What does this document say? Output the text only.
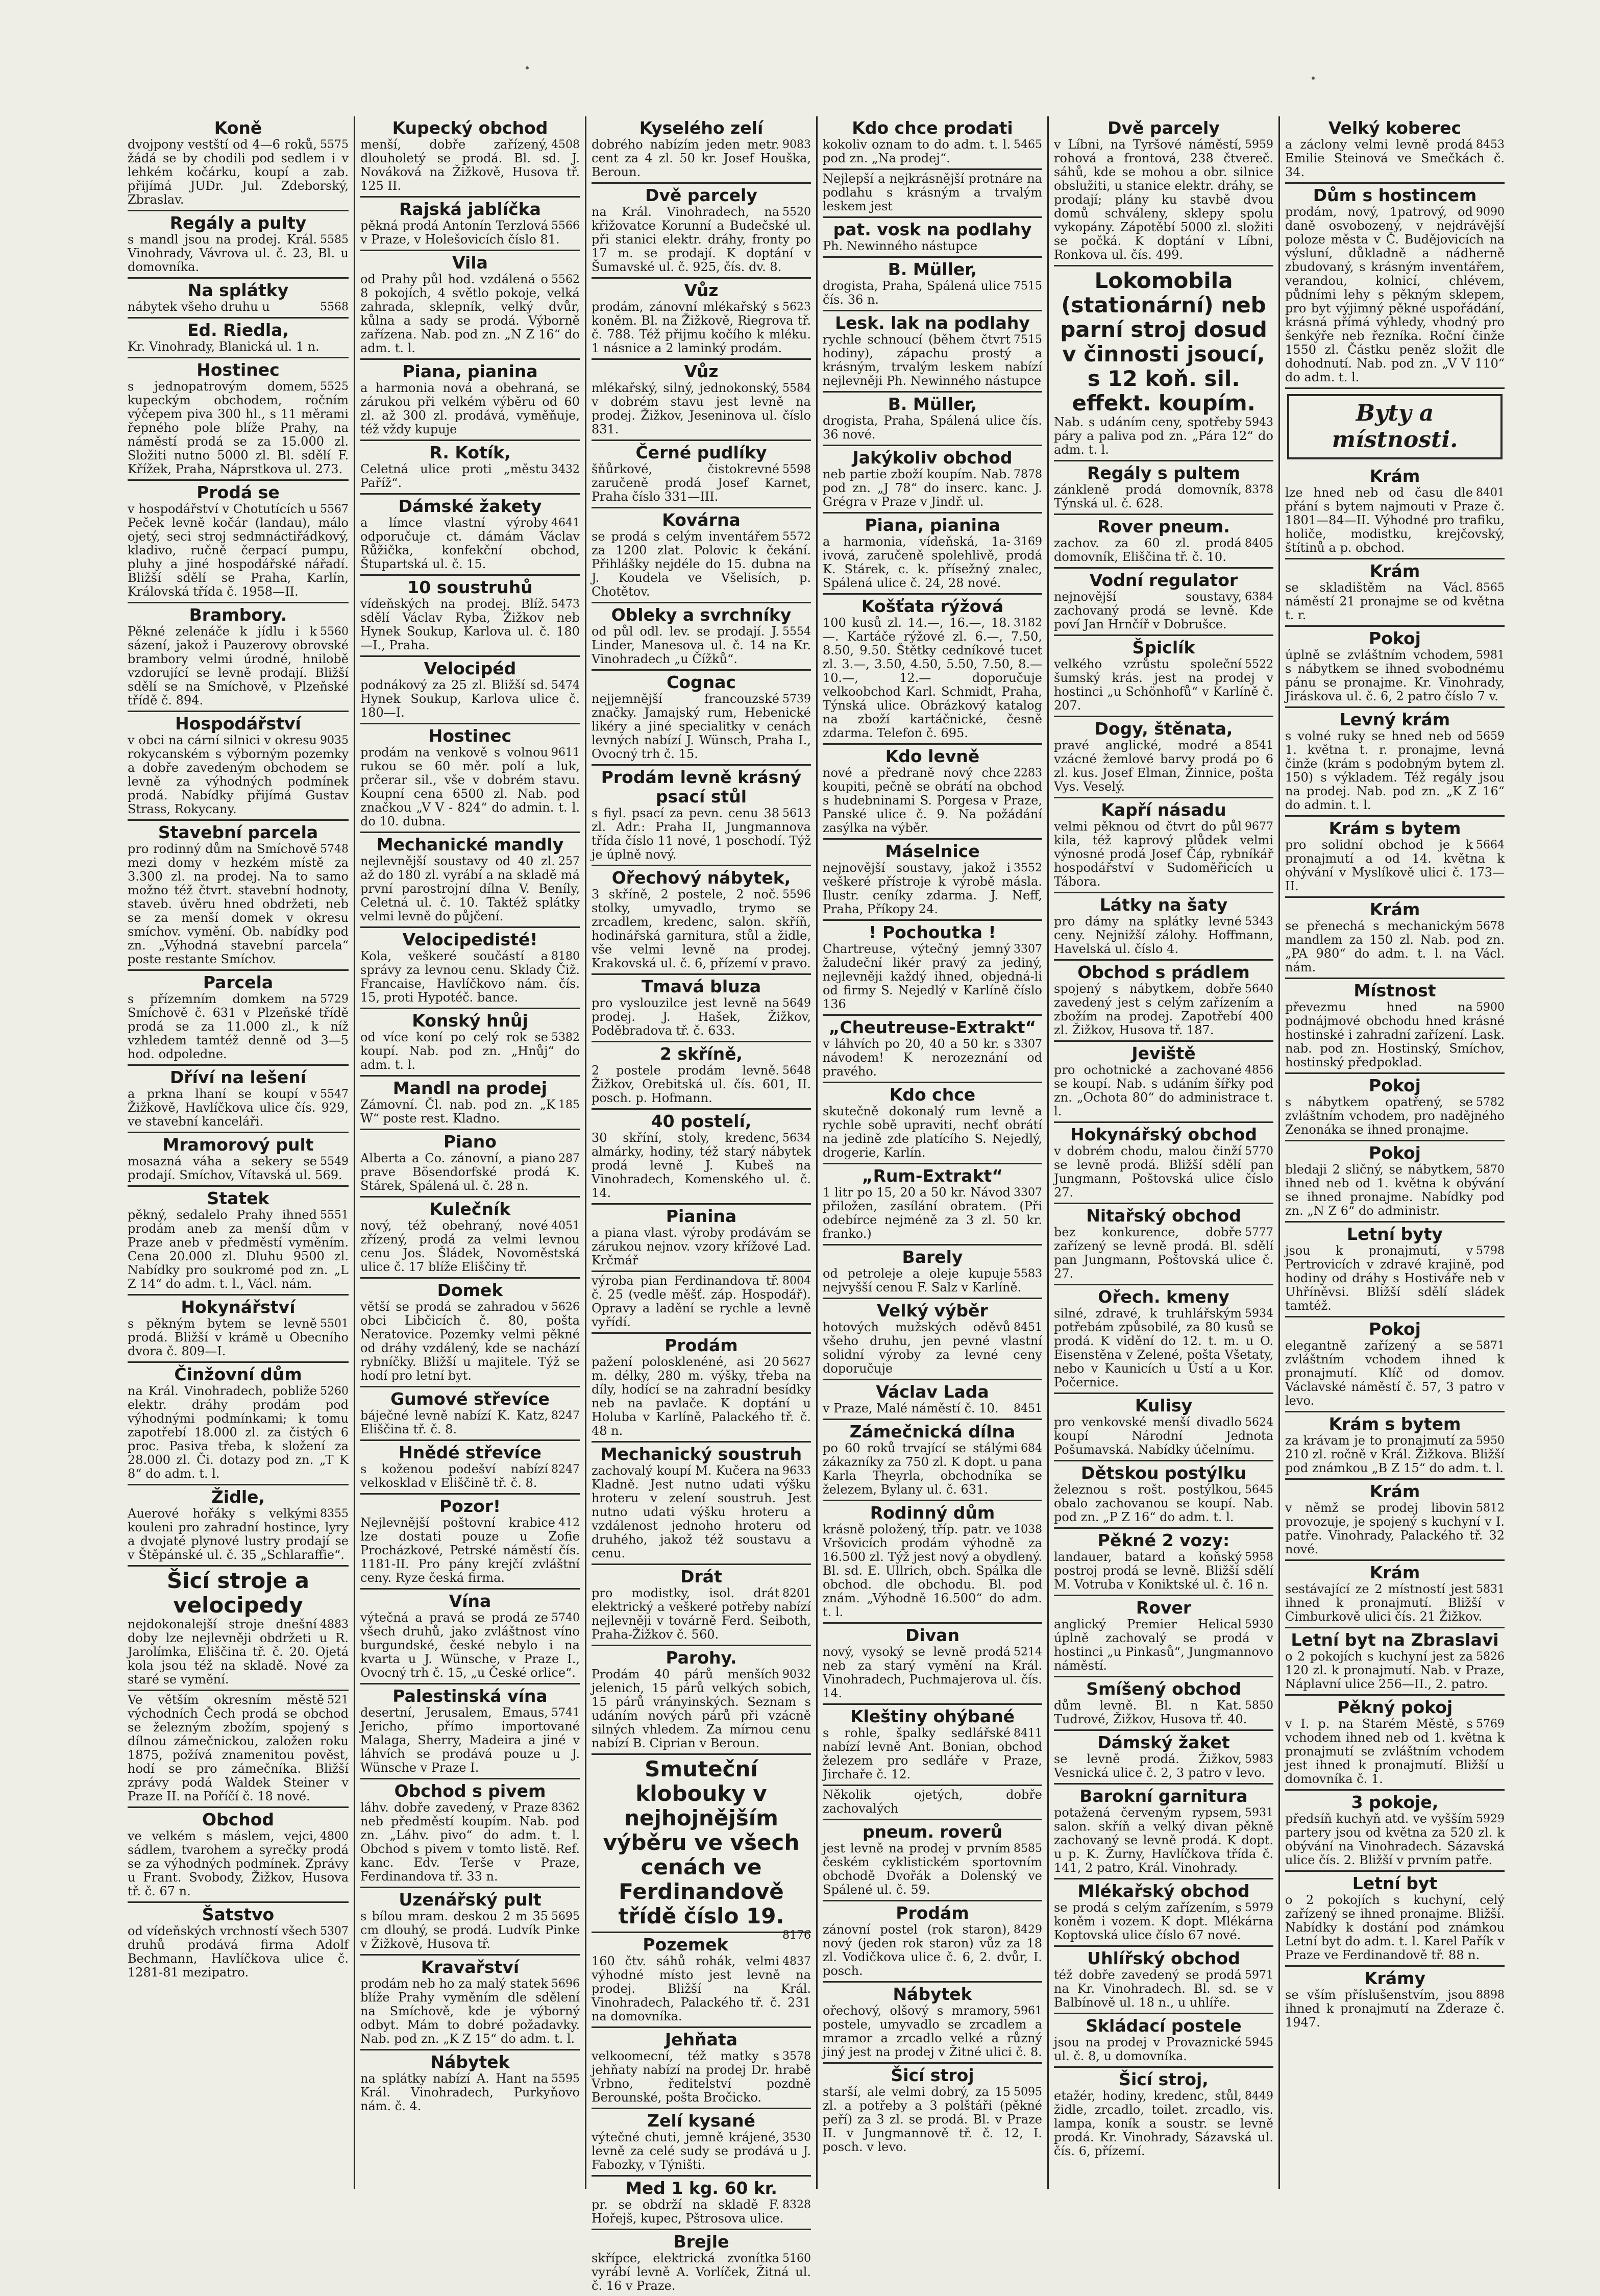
Koně
5575
dvojpony vestští od 4—6 roků, žádá se by chodili pod sedlem i v lehkém kočárku, koupí a zab. přijímá JUDr. Jul. Zdeborský, Zbraslav.
Regály a pulty
5585
s mandl jsou na prodej. Král. Vinohrady, Vávrova ul. č. 23, Bl. u domovníka.
Na splátky
5568
nábytek všeho druhu u
Ed. Riedla,
Kr. Vinohrady, Blanická ul. 1 n.
Hostinec
5525
s jednopatrovým domem, kupeckým obchodem, ročním výčepem piva 300 hl., s 11 měrami řepného pole blíže Prahy, na náměstí prodá se za 15.000 zl. Složiti nutno 5000 zl. Bl. sdělí F. Křížek, Praha, Náprstkova ul. 273.
Prodá se
5567
v hospodářství v Chotutících u Peček levně kočár (landau), málo ojetý, seci stroj sedmnáctiřádkový, kladivo, ručně čerpací pumpu, pluhy a jiné hospodářské nářadí. Bližší sdělí se Praha, Karlín, Královská třída č. 1958—II.
Brambory.
5560
Pěkné zelenáče k jídlu i k sázení, jakož i Pauzerovy obrovské brambory velmi úrodné, hnilobě vzdorující se levně prodají. Bližší sdělí se na Smíchově, v Plzeňské třídě č. 894.
Hospodářství
9035
v obci na cární silnici v okresu rokycanském s výborným pozemky a dobře zavedeným obchodem se levně za výhodných podmínek prodá. Nabídky přijímá Gustav Strass, Rokycany.
Stavební parcela
5748
pro rodinný dům na Smíchově mezi domy v hezkém místě za 3.300 zl. na prodej. Na to samo možno též čtvrt. stavební hodnoty, staveb. úvěru hned obdržeti, neb se za menší domek v okresu smíchov. vymění. Ob. nabídky pod zn. „Výhodná stavební parcela“ poste restante Smíchov.
Parcela
5729
s přízemním domkem na Smíchově č. 631 v Plzeňské třídě prodá se za 11.000 zl., k níž vzhledem tamtéž denně od 3—5 hod. odpoledne.
Dříví na lešení
5547
a prkna lhaní se koupí v Žižkově, Havlíčkova ulice čís. 929, ve stavební kanceláři.
Mramorový pult
5549
mosazná váha a sekery se prodají. Smíchov, Vítavská ul. 569.
Statek
5551
pěkný, sedalelo Prahy ihned prodám aneb za menší dům v Praze aneb v předměstí vyměním. Cena 20.000 zl. Dluhu 9500 zl. Nabídky pro soukromé pod zn. „L Z 14“ do adm. t. l., Václ. nám.
Hokynářství
5501
s pěkným bytem se levně prodá. Bližší v krámě u Obecního dvora č. 809—I.
Činžovní dům
5260
na Král. Vinohradech, pobliže elektr. dráhy prodám pod výhodnými podmínkami; k tomu zapotřebí 18.000 zl. za čistých 6 proc. Pasiva třeba, k složení za 28.000 zl. Či. dotazy pod zn. „T K 8“ do adm. t. l.
Židle,
8355
Auerové hořáky s velkými kouleni pro zahradní hostince, lyry a dvojaté plynové lustry prodají se v Štěpánské ul. č. 35 „Schlaraffie“.
Šicí stroje a velocipedy
4883
nejdokonalejší stroje dnešní doby lze nejlevněji obdržeti u R. Jarolímka, Eliščina tř. č. 20. Ojetá kola jsou též na skladě. Nové za staré se vymění.
521
Ve větším okresním městě východních Čech prodá se obchod se železným zbožím, spojený s dílnou zámečnickou, založen roku 1875, požívá znamenitou pověst, hodí se pro zámečníka. Bližší zprávy podá Waldek Steiner v Praze II. na Poříčí č. 18 nové.
Obchod
4800
ve velkém s máslem, vejci, sádlem, tvarohem a syrečky prodá se za výhodných podmínek. Zprávy u Frant. Svobody, Žižkov, Husova tř. č. 67 n.
Šatstvo
5307
od vídeňských vrchností všech druhů prodává firma Adolf Bechmann, Havlíčkova ulice č. 1281-81 mezipatro.
Kupecký obchod
4508
menší, dobře zařízený, dlouholetý se prodá. Bl. sd. J. Nováková na Žižkově, Husova tř. 125 II.
Rajská jablíčka
5566
pěkná prodá Antonín Terzlová v Praze, v Holešovicích číslo 81.
Vila
5562
od Prahy půl hod. vzdálená o 8 pokojích, 4 světlo pokoje, velká zahrada, sklepník, velký dvůr, kůlna a sady se prodá. Výborně zařízena. Nab. pod zn. „N Z 16“ do adm. t. l.
Piana, pianina
a harmonia nová a obehraná, se zárukou při velkém výběru od 60 zl. až 300 zl. prodává, vyměňuje, též vždy kupuje
R. Kotík,
3432
Celetná ulice proti „městu Paříž“.
Dámské žakety
4641
a límce vlastní výroby odporučuje ct. dámám Václav Růžička, konfekční obchod, Štupartská ul. č. 15.
10 soustruhů
5473
vídeňských na prodej. Blíž. sdělí Václav Ryba, Žižkov neb Hynek Soukup, Karlova ul. č. 180—I., Praha.
Velocipéd
5474
podnákový za 25 zl. Bližší sd. Hynek Soukup, Karlova ulice č. 180—I.
Hostinec
9611
prodám na venkově s volnou rukou se 60 měr. polí a luk, prčerar sil., vše v dobrém stavu. Koupní cena 6500 zl. Nab. pod značkou „V V - 824“ do admin. t. l. do 10. dubna.
Mechanické mandly
257
nejlevnější soustavy od 40 zl. až do 180 zl. vyrábí a na skladě má první parostrojní dílna V. Beníly, Celetná ul. č. 10. Taktéž splátky velmi levně do půjčení.
Velocipedisté!
8180
Kola, veškeré součástí a správy za levnou cenu. Sklady Čiž. Francaise, Havlíčkovo nám. čís. 15, proti Hypotéč. bance.
Konský hnůj
5382
od více koní po celý rok se koupí. Nab. pod zn. „Hnůj“ do adm. t. l.
Mandl na prodej
185
Zámovní. Čl. nab. pod zn. „K W“ poste rest. Kladno.
Piano
287
Alberta a Co. zánovní, a piano prave Bösendorfské prodá K. Stárek, Spálená ul. č. 28 n.
Kulečník
4051
nový, též obehraný, nové zřízený, prodá za velmi levnou cenu Jos. Šládek, Novoměstská ulice č. 17 blíže Eliščiny tř.
Domek
5626
větší se prodá se zahradou v obci Libčicích č. 80, pošta Neratovice. Pozemky velmi pěkné od dráhy vzdálený, kde se nachází rybníčky. Bližší u majitele. Týž se hodí pro letní byt.
Gumové střevíce
8247
báječné levně nabízí K. Katz, Eliščina tř. č. 8.
Hnědé střevíce
8247
s koženou podešví nabízí velkosklad v Eliščině tř. č. 8.
Pozor!
412
Nejlevnější poštovní krabice lze dostati pouze u Zofie Procházkové, Petrské náměstí čís. 1181-II. Pro pány krejčí zvláštní ceny. Ryze česká firma.
Vína
5740
výtečná a pravá se prodá ze všech druhů, jako zvláštnost víno burgundské, české nebylo i na kvarta u J. Wünsche, v Praze I., Ovocný trh č. 15, „u České orlice“.
Palestinská vína
5741
desertní, Jerusalem, Emaus, Jericho, přímo importované Malaga, Sherry, Madeira a jiné v láhvích se prodává pouze u J. Wünsche v Praze I.
Obchod s pivem
8362
láhv. dobře zavedený, v Praze neb předměstí koupím. Nab. pod zn. „Láhv. pivo“ do adm. t. l. Obchod s pivem v tomto listě. Ref. kanc. Edv. Terše v Praze, Ferdinandova tř. 33 n.
Uzenářský pult
5695
s bílou mram. deskou 2 m 35 cm dlouhý, se prodá. Ludvík Pinke v Žižkově, Husova tř.
Kravařství
5696
prodám neb ho za malý statek blíže Prahy vyměním dle sdělení na Smíchově, kde je výborný odbyt. Mám to dobré požadavky. Nab. pod zn. „K Z 15“ do adm. t. l.
Nábytek
5595
na splátky nabízí A. Hant na Král. Vinohradech, Purkyňovo nám. č. 4.
Kyselého zelí
9083
dobrého nabízím jeden metr. cent za 4 zl. 50 kr. Josef Houška, Beroun.
Dvě parcely
5520
na Král. Vinohradech, na křižovatce Korunní a Budečské ul. při stanici elektr. dráhy, fronty po 17 m. se prodají. K doptání v Šumavské ul. č. 925, čís. dv. 8.
Vůz
5623
prodám, zánovní mlékařský s koněm. Bl. na Žižkově, Riegrova tř. č. 788. Též přijmu kočího k mléku. 1 násnice a 2 laminký prodám.
Vůz
5584
mlékařský, silný, jednokonský, v dobrém stavu jest levně na prodej. Žižkov, Jeseninova ul. číslo 831.
Černé pudlíky
5598
šňůrkové, čistokrevné zaručeně prodá Josef Karnet, Praha číslo 331—III.
Kovárna
5572
se prodá s celým inventářem za 1200 zlat. Polovic k čekání. Přihlášky nejdéle do 15. dubna na J. Koudela ve Všelisích, p. Chotětov.
Obleky a svrchníky
5554
od půl odl. lev. se prodají. J. Linder, Manesova ul. č. 14 na Kr. Vinohradech „u Čížků“.
Cognac
5739
nejjemnější francouzské značky. Jamajský rum, Hebenické likéry a jiné specialitky v cenách levných nabízí J. Wünsch, Praha I., Ovocný trh č. 15.
Prodám levně krásný psací stůl
5613
s fiyl. psací za pevn. cenu 38 zl. Adr.: Praha II, Jungmannova třída číslo 11 nové, 1 poschodí. Týž je úplně nový.
Ořechový nábytek,
5596
3 skříně, 2 postele, 2 noč. stolky, umyvadlo, trymo se zrcadlem, kredenc, salon. skříň, hodinářská garnitura, stůl a židle, vše velmi levně na prodej. Krakovská ul. č. 6, přízemí v pravo.
Tmavá bluza
5649
pro vyslouzilce jest levně na prodej. J. Hašek, Žižkov, Poděbradova tř. č. 633.
2 skříně,
5648
2 postele prodám levně. Žižkov, Orebitská ul. čís. 601, II. posch. p. Hofmann.
40 postelí,
5634
30 skříní, stoly, kredenc, almárky, hodiny, též starý nábytek prodá levně J. Kubeš na Vinohradech, Komenského ul. č. 14.
Pianina
a piana vlast. výroby prodávám se zárukou nejnov. vzory křížové Lad. Krčmář
8004
výroba pian Ferdinandova tř. č. 25 (vedle měšť. záp. Hospodář). Opravy a ladění se rychle a levně vyřídí.
Prodám
5627
pažení polosklenéné, asi 20 m. délky, 280 m. výšky, třeba na díly, hodící se na zahradní besídky neb na pavlače. K doptání u Holuba v Karlíně, Palackého tř. č. 48 n.
Mechanický soustruh
9633
zachovalý koupí M. Kučera na Kladně. Jest nutno udati výšku hroteru v zelení soustruh. Jest nutno udati výšku hroteru a vzdálenost jednoho hroteru od druhého, jakož též soustavu a cenu.
Drát
8201
pro modistky, isol. drát elektrický a veškeré potřeby nabízí nejlevněji v továrně Ferd. Seiboth, Praha-Žižkov č. 560.
Parohy.
9032
Prodám 40 párů menších jelenich, 15 párů velkých sobich, 15 párů vrányinských. Seznam s udáním nových párů při vzácně silných vhledem. Za mírnou cenu nabízí B. Ciprian v Beroun.
Smuteční klobouky v nejhojnějším výběru ve všech cenách ve Ferdinandově třídě číslo 19.
8176
Pozemek
4837
160 čtv. sáhů rohák, velmi výhodné místo jest levně na prodej. Bližší na Král. Vinohradech, Palackého tř. č. 231 na domovníka.
Jehňata
3578
velkoomecní, též matky s jehňaty nabízí na prodej Dr. hrabě Vrbno, ředitelství pozdně Berounské, pošta Bročicko.
Zelí kysané
3530
výtečné chuti, jemně krájené, levně za celé sudy se prodává u J. Fabozky, v Týništi.
Med 1 kg. 60 kr.
8328
pr. se obdrží na skladě F. Hořejš, kupec, Pštrosova ulice.
Brejle
5160
skřípce, elektrická zvonítka vyrábí levně A. Vorlíček, Žitná ul. č. 16 v Praze.
Kdo chce prodati
5465
kokoliv oznam to do adm. t. l. pod zn. „Na prodej“.
Nejlepší a nejkrásnější protnáre na podlahu s krásným a trvalým leskem jest
pat. vosk na podlahy
Ph. Newinného nástupce
B. Müller,
7515
drogista, Praha, Spálená ulice čís. 36 n.
Lesk. lak na podlahy
7515
rychle schnoucí (během čtvrt hodiny), zápachu prostý a krásným, trvalým leskem nabízí nejlevněji Ph. Newinného nástupce
B. Müller,
drogista, Praha, Spálená ulice čís. 36 nové.
Jakýkoliv obchod
7878
neb partie zboží koupím. Nab. pod zn. „J 78“ do inserc. kanc. J. Grégra v Praze v Jindř. ul.
Piana, pianina
3169
a harmonia, vídeňská, 1a-ivová, zaručeně spolehlivě, prodá K. Stárek, c. k. přísežný znalec, Spálená ulice č. 24, 28 nové.
Košťata rýžová
3182
100 kusů zl. 14.—, 16.—, 18.—. Kartáče rýžové zl. 6.—, 7.50, 8.50, 9.50. Štětky cedníkové tucet zl. 3.—, 3.50, 4.50, 5.50, 7.50, 8.— 10.—, 12.— doporučuje velkoobchod Karl. Schmidt, Praha, Týnská ulice. Obrázkový katalog na zboží kartáčnické, česně zdarma. Telefon č. 695.
Kdo levně
2283
nové a předraně nový chce koupiti, pečně se obrátí na obchod s hudebninami S. Porgesa v Praze, Panské ulice č. 9. Na požádání zasýlka na výběr.
Máselnice
3552
nejnovější soustavy, jakož i veškeré přístroje k výrobě másla. Ilustr. ceníky zdarma. J. Neff, Praha, Příkopy 24.
! Pochoutka !
3307
Chartreuse, výtečný jemný žaludeční likér pravý za jediný, nejlevněji každý ihned, objedná-li od firmy S. Nejedlý v Karlíně číslo 136
„Cheutreuse-Extrakt“
3307
v láhvích po 20, 40 a 50 kr. s návodem! K nerozeznání od pravého.
Kdo chce
skutečně dokonalý rum levně a rychle sobě upraviti, nechť obrátí na jedině zde platícího S. Nejedlý, drogerie, Karlín.
„Rum-Extrakt“
3307
1 litr po 15, 20 a 50 kr. Návod přiložen, zasílání obratem. (Při odebírce nejméně za 3 zl. 50 kr. franko.)
Barely
5583
od petroleje a oleje kupuje nejvyšší cenou F. Salz v Karlíně.
Velký výběr
8451
hotových mužských oděvů všeho druhu, jen pevné vlastní solidní výroby za levné ceny doporučuje
Václav Lada
8451
v Praze, Malé náměstí č. 10.
Zámečnická dílna
684
po 60 roků trvající se stálými zákazníky za 750 zl. K dopt. u pana Karla Theyrla, obchodníka se železem, Bylany ul. č. 631.
Rodinný dům
1038
krásně položený, tříp. patr. ve Vršovicích prodám výhodně za 16.500 zl. Týž jest nový a obydlený. Bl. sd. E. Ullrich, obch. Spálka dle obchod. dle obchodu. Bl. pod znám. „Výhodně 16.500“ do adm. t. l.
Divan
5214
nový, vysoký se levně prodá neb za starý vymění na Král. Vinohradech, Puchmajerova ul. čís. 14.
Kleštiny ohýbané
8411
s rohle, špalky sedlářské nabízí levně Ant. Bonian, obchod železem pro sedláře v Praze, Jirchaře č. 12.
Několik ojetých, dobře zachovalých
pneum. roverů
8585
jest levně na prodej v prvním českém cyklistickém sportovním obchodě Dvořák a Dolenský ve Spálené ul. č. 59.
Prodám
8429
zánovní postel (rok staron), nový (jeden rok staron) vůz za 18 zl. Vodičkova ulice č. 6, 2. dvůr, I. posch.
Nábytek
5961
ořechový, olšový s mramory, postele, umyvadlo se zrcadlem a mramor a zrcadlo velké a různý jiný jest na prodej v Žitné ulici č. 8.
Šicí stroj
5095
starší, ale velmi dobrý, za 15 zl. a potřeby a 3 polštáři (pěkné peří) za 3 zl. se prodá. Bl. v Praze II. v Jungmannově tř. č. 12, I. posch. v levo.
Dvě parcely
5959
v Líbni, na Tyršové náměstí, rohová a frontová, 238 čtvereč. sáhů, kde se mohou a obr. silnice obslužiti, u stanice elektr. dráhy, se prodají; plány ku stavbě dvou domů schváleny, sklepy spolu vykopány. Zápotěbí 5000 zl. složiti se počká. K doptání v Líbni, Ronkova ul. čís. 499.
Lokomobila (stationární) neb parní stroj dosud v činnosti jsoucí, s 12 koň. sil. effekt. koupím.
5943
Nab. s udáním ceny, spotřeby páry a paliva pod zn. „Pára 12“ do adm. t. l.
Regály s pultem
8378
zánkleně prodá domovník, Týnská ul. č. 628.
Rover pneum.
8405
zachov. za 60 zl. prodá domovník, Eliščina tř. č. 10.
Vodní regulator
6384
nejnovější soustavy, zachovaný prodá se levně. Kde poví Jan Hrnčíř v Dobrušce.
Špiclík
5522
velkého vzrůstu společní šumský krás. jest na prodej v hostinci „u Schönhofů“ v Karlíně č. 207.
Dogy, štěnata,
8541
pravé anglické, modré a vzácné žemlové barvy prodá po 6 zl. kus. Josef Elman, Žinnice, pošta Vys. Veselý.
Kapří násadu
9677
velmi pěknou od čtvrt do půl kila, též kaprový plůdek velmi výnosné prodá Josef Čáp, rybníkář hospodářství v Sudoměřicích u Tábora.
Látky na šaty
5343
pro dámy na splátky levné ceny. Nejnižší zálohy. Hoffmann, Havelská ul. číslo 4.
Obchod s prádlem
5640
spojený s nábytkem, dobře zavedený jest s celým zařízením a zbožím na prodej. Zapotřebí 400 zl. Žižkov, Husova tř. 187.
Jeviště
4856
pro ochotnické a zachované se koupí. Nab. s udáním šířky pod zn. „Ochota 80“ do administrace t. l.
Hokynářský obchod
5770
v dobrém chodu, malou činží se levně prodá. Bližší sdělí pan Jungmann, Poštovská ulice číslo 27.
Nitařský obchod
5777
bez konkurence, dobře zařízený se levně prodá. Bl. sdělí pan Jungmann, Poštovská ulice č. 27.
Ořech. kmeny
5934
silné, zdravé, k truhlářským potřebám způsobilé, za 80 kusů se prodá. K vidění do 12. t. m. u O. Eisenstěna v Zelené, pošta Všetaty, nebo v Kaunicích u Ústí a u Kor. Počernice.
Kulisy
5624
pro venkovské menší divadlo koupí Národní Jednota Pošumavská. Nabídky účelnímu.
Dětskou postýlku
5645
železnou s rošt. postýlkou, obalo zachovanou se koupí. Nab. pod zn. „P Z 16“ do adm. t. l.
Pěkné 2 vozy:
5958
landauer, batard a koňský postroj prodá se levně. Bližší sdělí M. Votruba v Koniktské ul. č. 16 n.
Rover
5930
anglický Premier Helical úplně zachovalý se prodá v hostinci „u Pinkasů“, Jungmannovo náměstí.
Smíšený obchod
5850
dům levně. Bl. n Kat. Tudrové, Žižkov, Husova tř. 40.
Dámský žaket
5983
se levně prodá. Žižkov, Vesnická ulice č. 2, 3 patro v levo.
Barokní garnitura
5931
potažená červeným rypsem, salon. skříň a velký divan pěkně zachovaný se levně prodá. K dopt. u p. K. Žurny, Havlíčkova třída č. 141, 2 patro, Král. Vinohrady.
Mlékařský obchod
5979
se prodá s celým zařízením, s koněm i vozem. K dopt. Mlékárna Koptovská ulice číslo 67 nové.
Uhlířský obchod
5971
též dobře zavedený se prodá na Kr. Vinohradech. Bl. sd. se v Balbínově ul. 18 n., u uhlíře.
Skládací postele
5945
jsou na prodej v Provaznické ul. č. 8, u domovníka.
Šicí stroj,
8449
etažér, hodiny, kredenc, stůl, židle, zrcadlo, toilet. zrcadlo, vis. lampa, koník a soustr. se levně prodá. Kr. Vinohrady, Sázavská ul. čís. 6, přízemí.
Velký koberec
8453
a záclony velmi levně prodá Emilie Steinová ve Smečkách č. 34.
Dům s hostincem
9090
prodám, nový, 1patrový, od daně osvobozený, v nejdrávější poloze města v Č. Budějovicích na výsluní, důkladně a nádherně zbudovaný, s krásným inventářem, verandou, kolnicí, chlévem, půdními lehy s pěkným sklepem, pro byt výjimný pěkné uspořádání, krásná přímá výhledy, vhodný pro šenkýře neb řezníka. Roční činže 1550 zl. Částku peněz složit dle dohodnutí. Nab. pod zn. „V V 110“ do adm. t. l.
Byty a místnosti.
Krám
8401
lze hned neb od času dle přání s bytem najmouti v Praze č. 1801—84—II. Výhodné pro trafiku, holiče, modistku, krejčovský, štítinů a p. obchod.
Krám
8565
se skladištěm na Václ. náměstí 21 pronajme se od května t. r.
Pokoj
5981
úplně se zvláštním vchodem, s nábytkem se ihned svobodnému pánu se pronajme. Kr. Vinohrady, Jiráskova ul. č. 6, 2 patro číslo 7 v.
Levný krám
5659
s volné ruky se hned neb od 1. května t. r. pronajme, levná činže (krám s podobným bytem zl. 150) s výkladem. Též regály jsou na prodej. Nab. pod zn. „K Z 16“ do admin. t. l.
Krám s bytem
5664
pro solidní obchod je k pronajmutí a od 14. května k ohývání v Myslíkově ulici č. 173—II.
Krám
5678
se přenechá s mechanickým mandlem za 150 zl. Nab. pod zn. „PA 980“ do adm. t. l. na Václ. nám.
Místnost
5900
převezmu hned na podnájmové obchodu hned krásné hostinské i zahradní zařízení. Lask. nab. pod zn. Hostinský, Smíchov, hostinský předpoklad.
Pokoj
5782
s nábytkem opatřený, se zvláštním vchodem, pro nadějného Zenonáka se ihned pronajme.
Pokoj
5870
bledaji 2 sličný, se nábytkem, ihned neb od 1. května k obývání se ihned pronajme. Nabídky pod zn. „N Z 6“ do administr.
Letní byty
5798
jsou k pronajmutí, v Pertrovicích v zdravé krajině, pod hodiny od dráhy s Hostiváře neb v Uhříněvsi. Bližší sdělí sládek tamtéž.
Pokoj
5871
elegantně zařízený a se zvláštním vchodem ihned k pronajmutí. Klíč od domov. Václavské náměstí č. 57, 3 patro v levo.
Krám s bytem
5950
za krávam je to pronajmutí za 210 zl. ročně v Král. Žižkova. Bližší pod známkou „B Z 15“ do adm. t. l.
Krám
5812
v němž se prodej libovin provozuje, je spojený s kuchyní v I. patře. Vinohrady, Palackého tř. 32 nové.
Krám
5831
sestávající ze 2 místností jest ihned k pronajmutí. Bližší v Cimburkově ulici čís. 21 Žižkov.
Letní byt na Zbraslavi
5826
o 2 pokojích s kuchyní jest za 120 zl. k pronajmutí. Nab. v Praze, Náplavní ulice 256—II., 2. patro.
Pěkný pokoj
5769
v I. p. na Starém Městě, s vchodem ihned neb od 1. května k pronajmutí se zvláštním vchodem jest ihned k pronajmutí. Bližší u domovníka č. 1.
3 pokoje,
5929
předsíň kuchyň atd. ve vyšším partery jsou od května za 520 zl. k obývání na Vinohradech. Sázavská ulice čís. 2. Bližší v prvním patře.
Letní byt
o 2 pokojích s kuchyní, celý zařízený se ihned pronajme. Bližší. Nabídky k dostání pod známkou Letní byt do adm. t. l. Karel Pařík v Praze ve Ferdinandově tř. 88 n.
Krámy
8898
se vším příslušenstvím, jsou ihned k pronajmutí na Zderaze č. 1947.
